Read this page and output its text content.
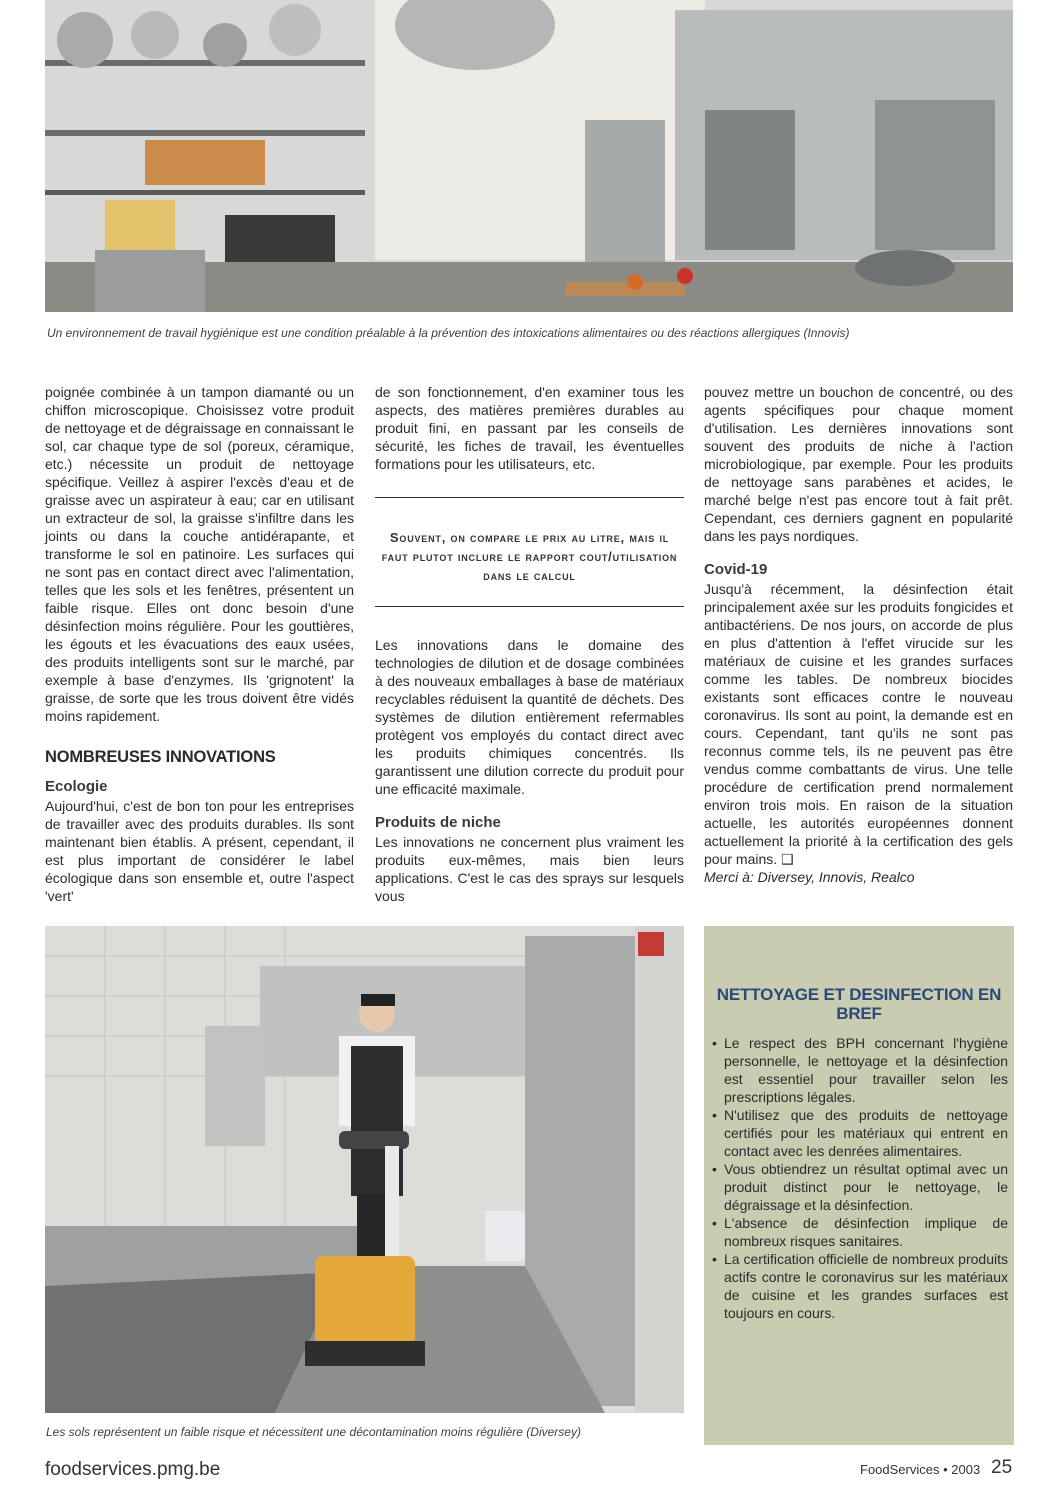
Un environnement de travail hygiénique est une condition préalable à la prévention des intoxications alimentaires ou des réactions allergiques (Innovis)

poignée combinée à un tampon diamanté ou un chiffon microscopique. Choisissez votre produit de nettoyage et de dégraissage en connaissant le sol, car chaque type de sol (poreux, céramique, etc.) nécessite un produit de nettoyage spécifique. Veillez à aspirer l'excès d'eau et de graisse avec un aspirateur à eau; car en utilisant un extracteur de sol, la graisse s'infiltre dans les joints ou dans la couche antidérapante, et transforme le sol en patinoire. Les surfaces qui ne sont pas en contact direct avec l'alimentation, telles que les sols et les fenêtres, présentent un faible risque. Elles ont donc besoin d'une désinfection moins régulière. Pour les gouttières, les égouts et les évacuations des eaux usées, des produits intelligents sont sur le marché, par exemple à base d'enzymes. Ils 'grignotent' la graisse, de sorte que les trous doivent être vidés moins rapidement.

NOMBREUSES INNOVATIONS
Ecologie

Aujourd'hui, c'est de bon ton pour les entreprises de travailler avec des produits durables. Ils sont maintenant bien établis. A présent, cependant, il est plus important de considérer le label écologique dans son ensemble et, outre l'aspect 'vert'

de son fonctionnement, d'en examiner tous les aspects, des matières premières durables au produit fini, en passant par les conseils de sécurité, les fiches de travail, les éventuelles formations pour les utilisateurs, etc.

Souvent, on compare le prix au litre, mais il faut plutot inclure le rapport cout/utilisation dans le calcul

Les innovations dans le domaine des technologies de dilution et de dosage combinées à des nouveaux emballages à base de matériaux recyclables réduisent la quantité de déchets. Des systèmes de dilution entièrement refermables protègent vos employés du contact direct avec les produits chimiques concentrés. Ils garantissent une dilution correcte du produit pour une efficacité maximale.

Produits de niche

Les innovations ne concernent plus vraiment les produits eux-mêmes, mais bien leurs applications. C'est le cas des sprays sur lesquels vous

pouvez mettre un bouchon de concentré, ou des agents spécifiques pour chaque moment d'utilisation. Les dernières innovations sont souvent des produits de niche à l'action microbiologique, par exemple. Pour les produits de nettoyage sans parabènes et acides, le marché belge n'est pas encore tout à fait prêt. Cependant, ces derniers gagnent en popularité dans les pays nordiques.

Covid-19

Jusqu'à récemment, la désinfection était principalement axée sur les produits fongicides et antibactériens. De nos jours, on accorde de plus en plus d'attention à l'effet virucide sur les matériaux de cuisine et les grandes surfaces comme les tables. De nombreux biocides existants sont efficaces contre le nouveau coronavirus. Ils sont au point, la demande est en cours. Cependant, tant qu'ils ne sont pas reconnus comme tels, ils ne peuvent pas être vendus comme combattants de virus. Une telle procédure de certification prend normalement environ trois mois. En raison de la situation actuelle, les autorités européennes donnent actuellement la priorité à la certification des gels pour mains. ❑

Merci à: Diversey, Innovis, Realco
Les sols représentent un faible risque et nécessitent une décontamination moins régulière (Diversey)
NETTOYAGE ET DESINFECTION EN BREF
• Le respect des BPH concernant l'hygiène personnelle, le nettoyage et la désinfection est essentiel pour travailler selon les prescriptions légales.
• N'utilisez que des produits de nettoyage certifiés pour les matériaux qui entrent en contact avec les denrées alimentaires.
• Vous obtiendrez un résultat optimal avec un produit distinct pour le nettoyage, le dégraissage et la désinfection.
• L'absence de désinfection implique de nombreux risques sanitaires.
• La certification officielle de nombreux produits actifs contre le coronavirus sur les matériaux de cuisine et les grandes surfaces est toujours en cours.
foodservices.pmg.be	FoodServices • 2003 25
